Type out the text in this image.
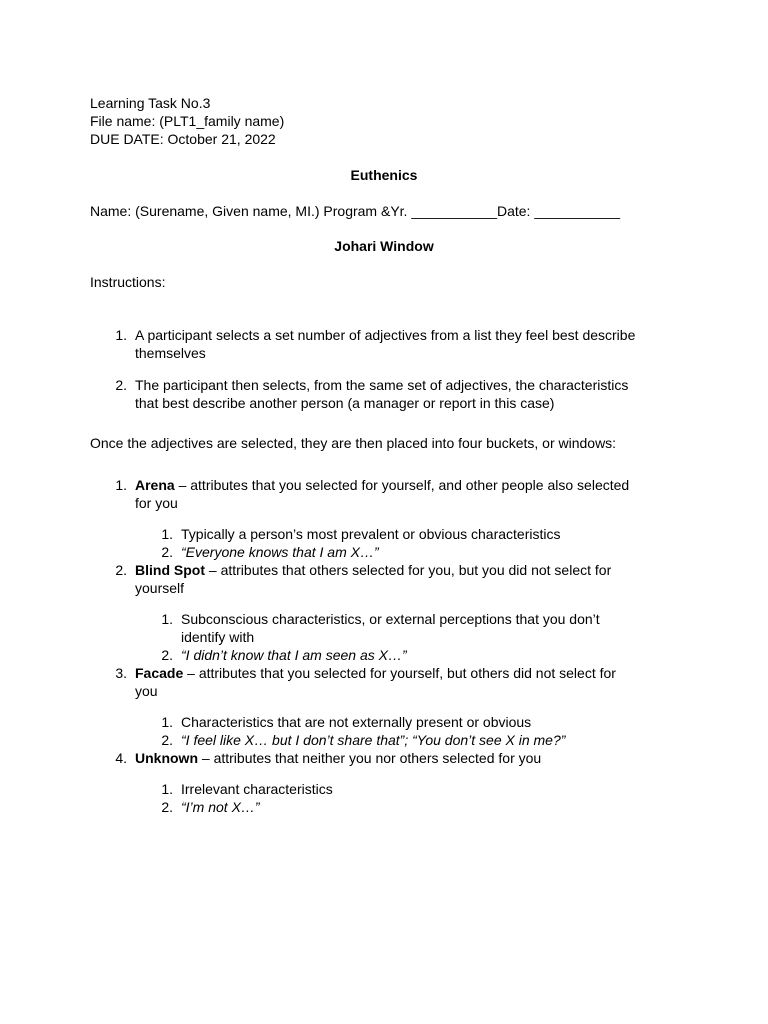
Learning Task No.3
File name: (PLT1_family name)
DUE DATE: October 21, 2022
Euthenics
Name: (Surename, Given name, MI.) Program &Yr. ___________Date: ___________
Johari Window
Instructions:
1. A participant selects a set number of adjectives from a list they feel best describe
themselves
2. The participant then selects, from the same set of adjectives, the characteristics
that best describe another person (a manager or report in this case)
Once the adjectives are selected, they are then placed into four buckets, or windows:
1. Arena – attributes that you selected for yourself, and other people also selected
for you
1. Typically a person’s most prevalent or obvious characteristics
2. “Everyone knows that I am X…”
2. Blind Spot – attributes that others selected for you, but you did not select for
yourself
1. Subconscious characteristics, or external perceptions that you don’t
identify with
2. “I didn’t know that I am seen as X…”
3. Facade – attributes that you selected for yourself, but others did not select for
you
1. Characteristics that are not externally present or obvious
2. “I feel like X… but I don’t share that”; “You don’t see X in me?”
4. Unknown – attributes that neither you nor others selected for you
1. Irrelevant characteristics
2. “I’m not X…”
